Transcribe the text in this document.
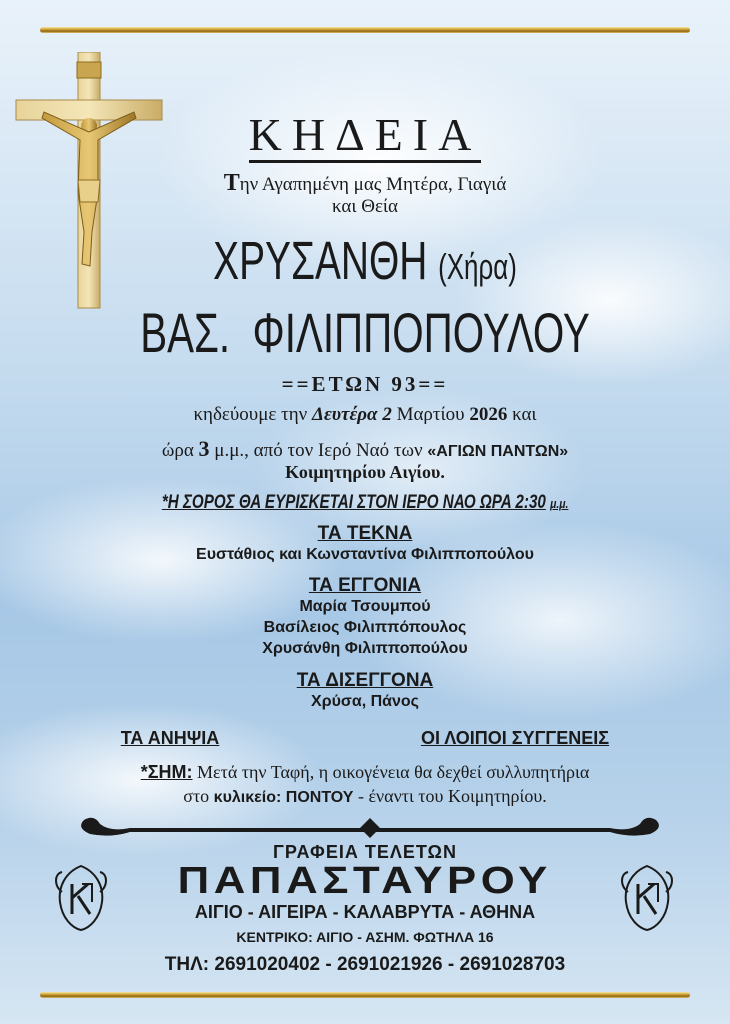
ΚΗΔΕΙΑ
Την Αγαπημένη μας Μητέρα, Γιαγιά
και Θεία
ΧΡΥΣΑΝΘΗ (Χήρα)
ΒΑΣ. ΦΙΛΙΠΠΟΠΟΥΛΟΥ
==ΕΤΩΝ 93==
κηδεύουμε την Δευτέρα 2 Μαρτίου 2026 και
ώρα 3 μ.μ., από τον Ιερό Ναό των «ΑΓΙΩΝ ΠΑΝΤΩΝ»
Κοιμητηρίου Αιγίου.
*Η ΣΟΡΟΣ ΘΑ ΕΥΡΙΣΚΕΤΑΙ ΣΤΟΝ ΙΕΡΟ ΝΑΟ ΩΡΑ 2:30 μ.μ.
ΤΑ ΤΕΚΝΑ
Ευστάθιος και Κωνσταντίνα Φιλιπποπούλου
ΤΑ ΕΓΓΟΝΙΑ
Μαρία Τσουμπού
Βασίλειος Φιλιππόπουλος
Χρυσάνθη Φιλιπποπούλου
ΤΑ ΔΙΣΕΓΓΟΝΑ
Χρύσα, Πάνος
ΤΑ ΑΝΗΨΙΑ	ΟΙ ΛΟΙΠΟΙ ΣΥΓΓΕΝΕΙΣ
*ΣΗΜ: Μετά την Ταφή, η οικογένεια θα δεχθεί συλλυπητήρια
στο κυλικείο: ΠΟΝΤΟΥ - έναντι του Κοιμητηρίου.
ΓΡΑΦΕΙΑ ΤΕΛΕΤΩΝ
ΠΑΠΑΣΤΑΥΡΟΥ
ΑΙΓΙΟ - ΑΙΓΕΙΡΑ - ΚΑΛΑΒΡΥΤΑ - ΑΘΗΝΑ
ΚΕΝΤΡΙΚΟ: ΑΙΓΙΟ - ΑΣΗΜ. ΦΩΤΗΛΑ 16
ΤΗΛ: 2691020402 - 2691021926 - 2691028703
